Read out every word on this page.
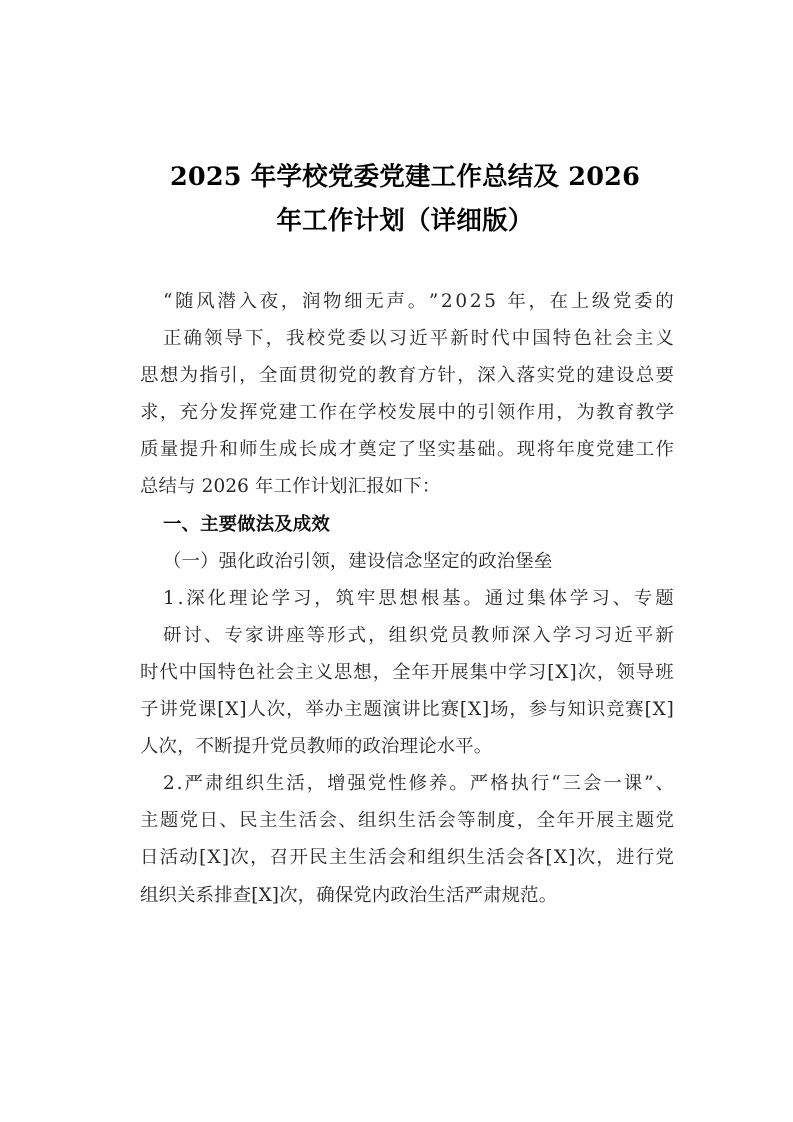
2025 年学校党委党建工作总结及 2026
年工作计划（详细版）
“ 随 风 潜 入 夜 ， 润 物 细 无 声 。 ” 2 0 2 5
年 ， 在 上 级 党 委 的
正 确 领 导 下 ， 我 校 党 委 以 习 近 平 新 时 代 中 国 特 色 社 会 主 义
思 想 为 指 引 ， 全 面 贯 彻 党 的 教 育 方 针 ， 深 入 落 实 党 的 建 设 总 要
求 ， 充 分 发 挥 党 建 工 作 在 学 校 发 展 中 的 引 领 作 用 ， 为 教 育 教 学
质 量 提 升 和 师 生 成 长 成 才 奠 定 了 坚 实 基 础 。 现 将 年 度 党 建 工 作
总结与 2026 年工作计划汇报如下：
一、主要做法及成效
（一）强化政治引领，建设信念坚定的政治堡垒
1 . 深 化 理 论 学 习 ， 筑 牢 思 想 根 基 。 通 过 集 体 学 习 、 专 题
研 讨 、 专 家 讲 座 等 形 式 ， 组 织 党 员 教 师 深 入 学 习 习 近 平 新
时 代 中 国 特 色 社 会 主 义 思 想 ， 全 年 开 展 集 中 学 习 [ X ] 次 ， 领 导 班
子 讲 党 课 [ X ] 人 次 ， 举 办 主 题 演 讲 比 赛 [ X ] 场 ， 参 与 知 识 竞 赛 [ X ]
人次，不断提升党员教师的政治理论水平。
2 . 严 肃 组 织 生 活 ， 增 强 党 性 修 养 。 严 格 执 行 “ 三 会 一 课 ” 、
主 题 党 日 、 民 主 生 活 会 、 组 织 生 活 会 等 制 度 ， 全 年 开 展 主 题 党
日 活 动 [ X ] 次 ， 召 开 民 主 生 活 会 和 组 织 生 活 会 各 [ X ] 次 ， 进 行 党
组织关系排查[X]次，确保党内政治生活严肃规范。
